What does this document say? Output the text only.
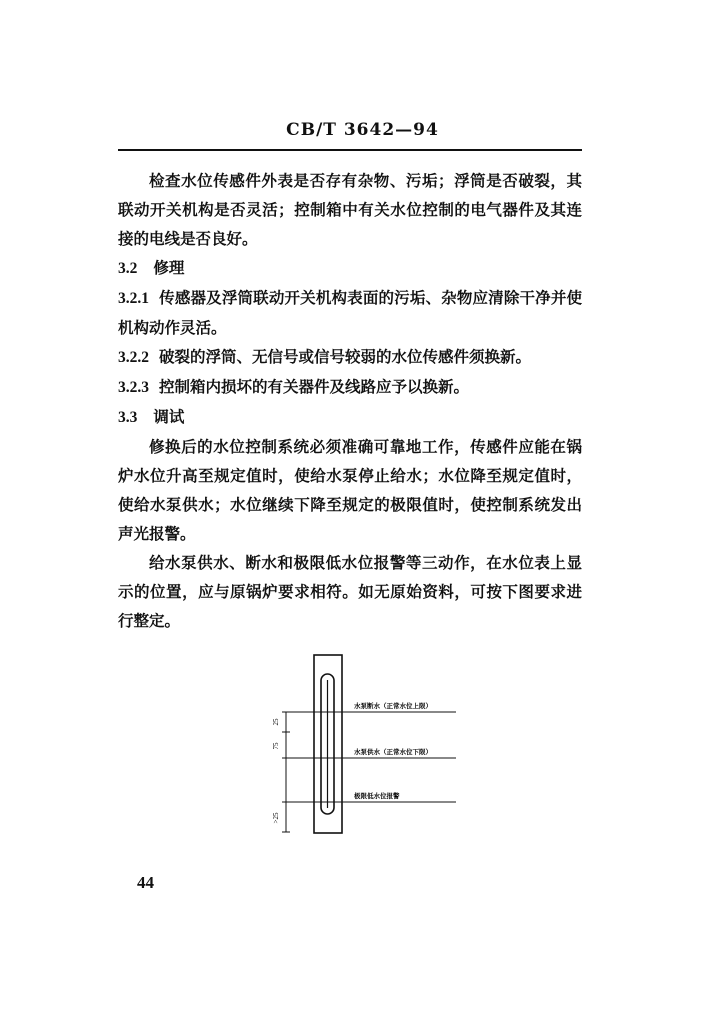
CB/T 3642—94

检查水位传感件外表是否存有杂物、污垢；浮筒是否破裂，其联动开关机构是否灵活；控制箱中有关水位控制的电气器件及其连接的电线是否良好。

3.2 修理

3.2.1 传感器及浮筒联动开关机构表面的污垢、杂物应清除干净并使机构动作灵活。

3.2.2 破裂的浮筒、无信号或信号较弱的水位传感件须换新。

3.2.3 控制箱内损坏的有关器件及线路应予以换新。

3.3 调试

修换后的水位控制系统必须准确可靠地工作，传感件应能在锅炉水位升高至规定值时，使给水泵停止给水；水位降至规定值时，使给水泵供水；水位继续下降至规定的极限值时，使控制系统发出声光报警。

给水泵供水、断水和极限低水位报警等三动作，在水位表上显示的位置，应与原锅炉要求相符。如无原始资料，可按下图要求进行整定。

25
75
>25
水泵断水（正常水位上限）
水泵供水（正常水位下限）
极限低水位报警
44
